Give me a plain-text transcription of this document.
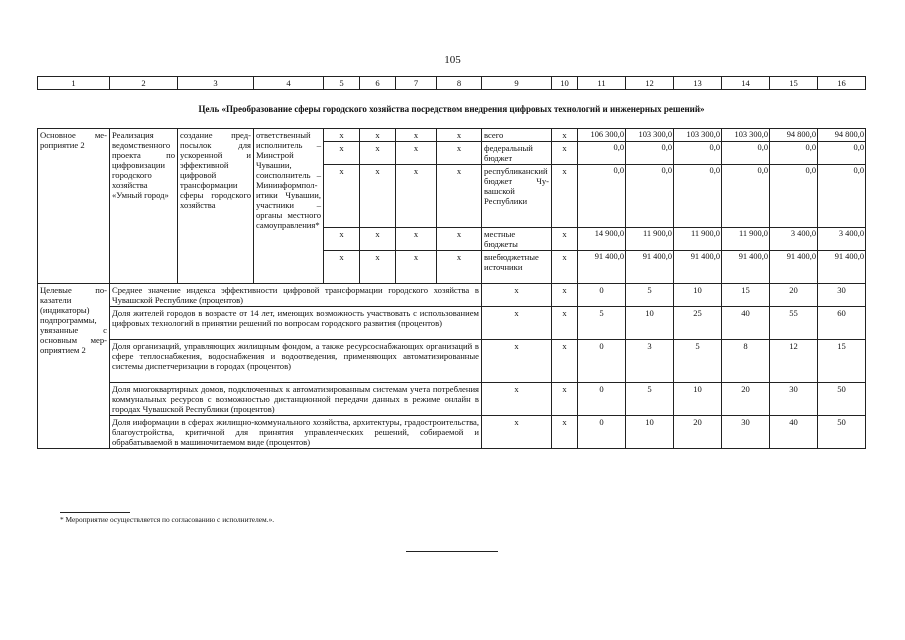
105
1	2	3	4	5	6	7	8	9	10	11	12	13	14	15	16
Цель «Преобразование сферы городского хозяйства посредством внедрения цифровых технологий и инженерных решений»															
Основное мероприятие 2	Реализация ведомственного проекта по цифровизации городского хозяйства «Умный город»	создание предпосылок для ускоренной и эффективной цифровой трансформации сферы городского хозяйства	ответственный исполнитель – Минстрой Чувашии, соисполнитель – Мининформполитики Чувашии, участники – органы местного самоуправления*	x	x	x	x	всего	x	106 300,0	103 300,0	103 300,0	103 300,0	94 800,0	94 800,0
				x	x	x	x	федеральный бюджет	x	0,0	0,0	0,0	0,0	0,0	0,0
				x	x	x	x	республиканский бюджет Чувашской Республики	x	0,0	0,0	0,0	0,0	0,0	0,0
				x	x	x	x	местные бюджеты	x	14 900,0	11 900,0	11 900,0	11 900,0	3 400,0	3 400,0
				x	x	x	x	внебюджетные источники	x	91 400,0	91 400,0	91 400,0	91 400,0	91 400,0	91 400,0
Целевые показатели (индикаторы) подпрограммы, увязанные с основным мероприятием 2	Среднее значение индекса эффективности цифровой трансформации городского хозяйства в Чувашской Республике (процентов)							x	x	0	5	10	15	20	30
	Доля жителей городов в возрасте от 14 лет, имеющих возможность участвовать с использованием цифровых технологий в принятии решений по вопросам городского развития (процентов)							x	x	5	10	25	40	55	60
	Доля организаций, управляющих жилищным фондом, а также ресурсоснабжающих организаций в сфере теплоснабжения, водоснабжения и водоотведения, применяющих автоматизированные системы диспетчеризации в городах (процентов)							x	x	0	3	5	8	12	15
	Доля многоквартирных домов, подключенных к автоматизированным системам учета потребления коммунальных ресурсов с возможностью дистанционной передачи данных в режиме онлайн в городах Чувашской Республики (процентов)							x	x	0	5	10	20	30	50
	Доля информации в сферах жилищно-коммунального хозяйства, архитектуры, градостроительства, благоустройства, критичной для принятия управленческих решений, собираемой и обрабатываемой в машиночитаемом виде (процентов)							x	x	0	10	20	30	40	50
* Мероприятие осуществляется по согласованию с исполнителем.».
